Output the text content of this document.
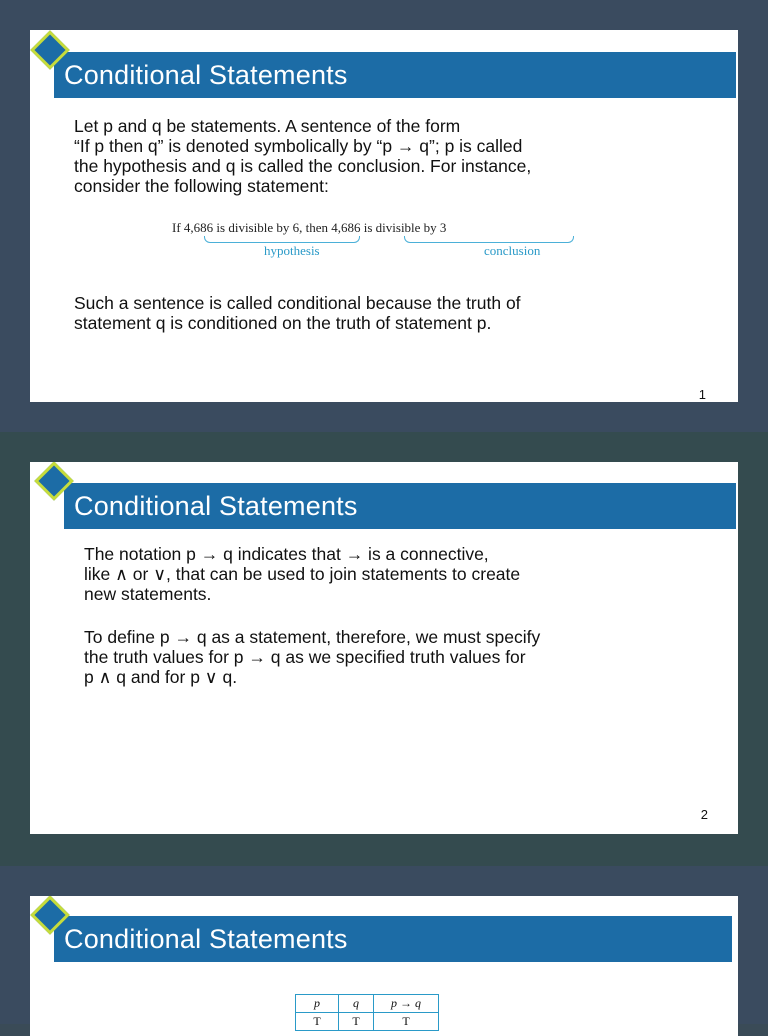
Conditional Statements
Let p and q be statements. A sentence of the form
“If p then q” is denoted symbolically by “p → q”; p is called
the hypothesis and q is called the conclusion. For instance,
consider the following statement:
If 4,686 is divisible by 6, then 4,686 is divisible by 3
hypothesis	conclusion
Such a sentence is called conditional because the truth of
statement q is conditioned on the truth of statement p.
1
Conditional Statements
The notation p → q indicates that → is a connective,
like ∧ or ∨, that can be used to join statements to create
new statements.
To define p → q as a statement, therefore, we must specify
the truth values for p → q as we specified truth values for
p ∧ q and for p ∨ q.
2
Conditional Statements
p	q	p → q
T	T	T
